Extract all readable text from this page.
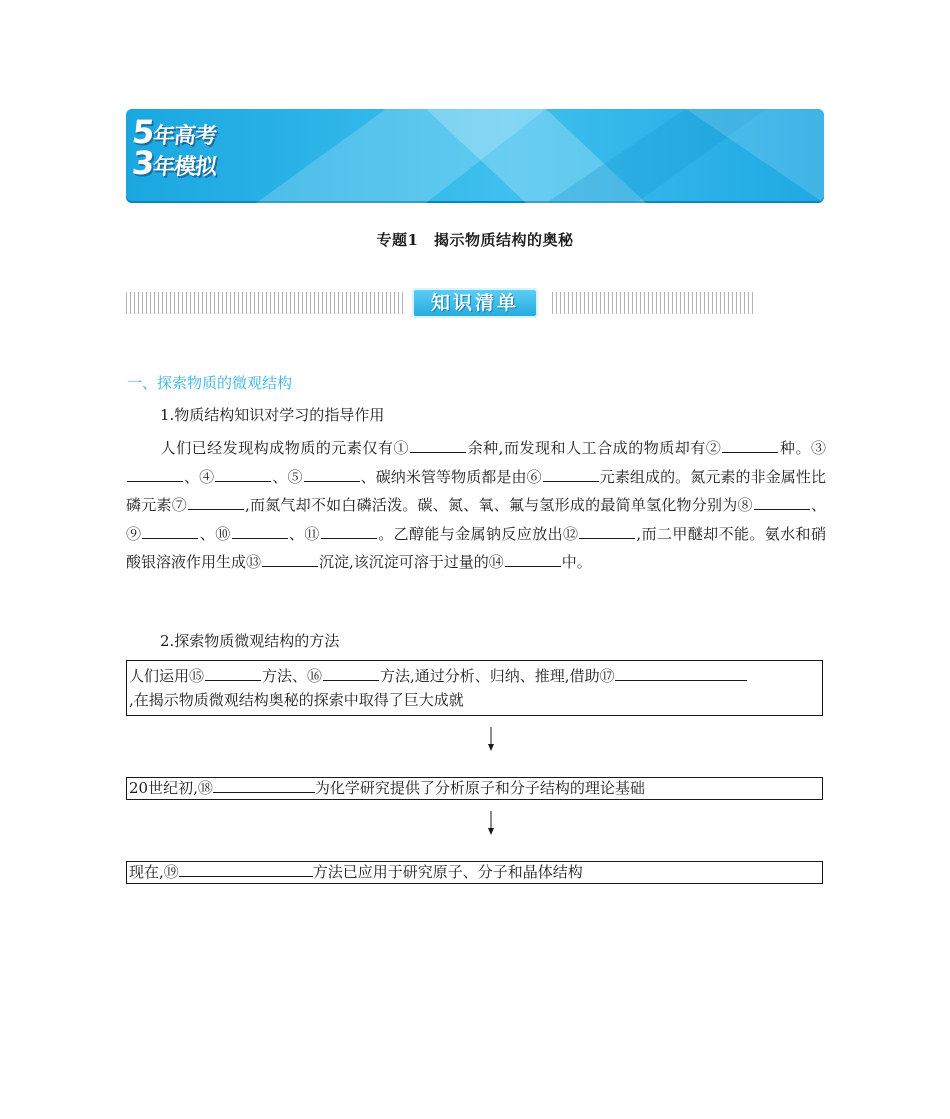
5年高考
3年模拟
专题1　揭示物质结构的奥秘
知识清单
一、探索物质的微观结构
1.物质结构知识对学习的指导作用
人们已经发现构成物质的元素仅有①	余种,而发现和人工合成的物质却有②	种。③、④	、⑤	、碳纳米管等物质都是由⑥	元素组成的。氮元素的非金属性比磷元素⑦	,而氮气却不如白磷活泼。碳、氮、氧、氟与氢形成的最简单氢化物分别为⑧	、⑨	、⑩	、⑪	。乙醇能与金属钠反应放出⑫	,而二甲醚却不能。氨水和硝酸银溶液作用生成⑬	沉淀,该沉淀可溶于过量的⑭	中。
2.探索物质微观结构的方法
人们运用⑮	方法、⑯	方法,通过分析、归纳、推理,借助⑰
,在揭示物质微观结构奥秘的探索中取得了巨大成就
20世纪初,⑱	为化学研究提供了分析原子和分子结构的理论基础
现在,⑲	方法已应用于研究原子、分子和晶体结构
